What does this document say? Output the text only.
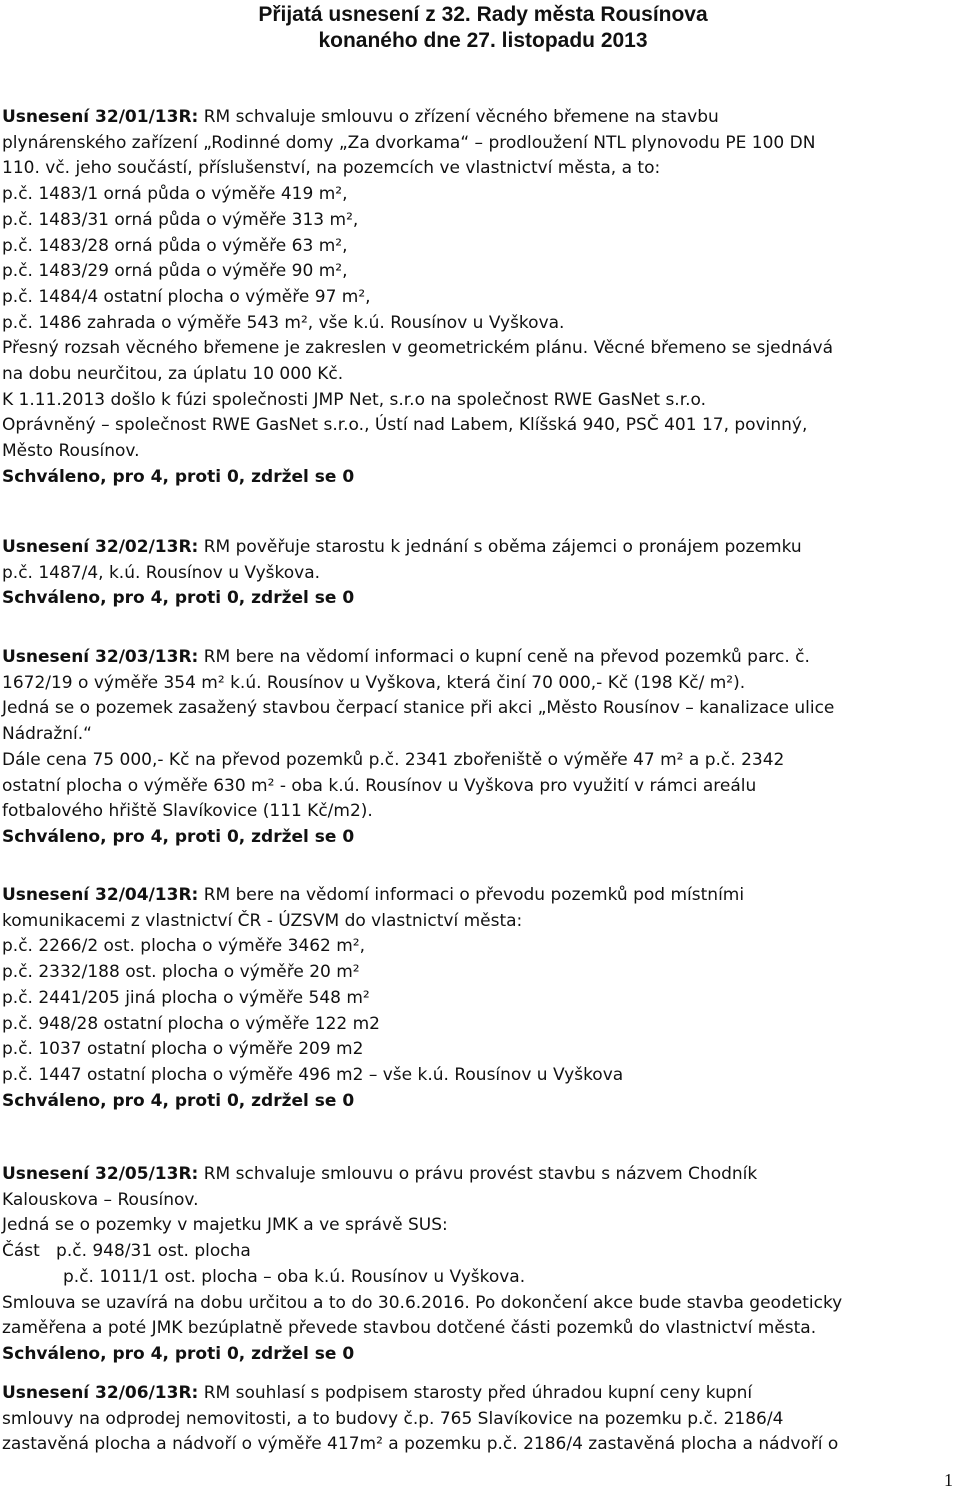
Přijatá usnesení z 32. Rady města Rousínova
konaného dne 27. listopadu 2013
Usnesení 32/01/13R: RM schvaluje smlouvu o zřízení věcného břemene na stavbu
plynárenského zařízení „Rodinné domy „Za dvorkama“ – prodloužení NTL plynovodu PE 100 DN
110. vč. jeho součástí, příslušenství, na pozemcích ve vlastnictví města, a to:
p.č. 1483/1 orná půda o výměře 419 m²,
p.č. 1483/31 orná půda o výměře 313 m²,
p.č. 1483/28 orná půda o výměře 63 m²,
p.č. 1483/29 orná půda o výměře 90 m²,
p.č. 1484/4 ostatní plocha o výměře 97 m²,
p.č. 1486 zahrada o výměře 543 m², vše k.ú. Rousínov u Vyškova.
Přesný rozsah věcného břemene je zakreslen v geometrickém plánu. Věcné břemeno se sjednává
na dobu neurčitou, za úplatu 10 000 Kč.
K 1.11.2013 došlo k fúzi společnosti JMP Net, s.r.o na společnost RWE GasNet s.r.o.
Oprávněný – společnost RWE GasNet s.r.o., Ústí nad Labem, Klíšská 940, PSČ 401 17, povinný,
Město Rousínov.
Schváleno, pro 4, proti 0, zdržel se 0
Usnesení 32/02/13R: RM pověřuje starostu k jednání s oběma zájemci o pronájem pozemku
p.č. 1487/4, k.ú. Rousínov u Vyškova.
Schváleno, pro 4, proti 0, zdržel se 0
Usnesení 32/03/13R: RM bere na vědomí informaci o kupní ceně na převod pozemků parc. č.
1672/19 o výměře 354 m² k.ú. Rousínov u Vyškova, která činí 70 000,- Kč (198 Kč/ m²).
Jedná se o pozemek zasažený stavbou čerpací stanice při akci „Město Rousínov – kanalizace ulice
Nádražní.“
Dále cena 75 000,- Kč na převod pozemků p.č. 2341 zbořeniště o výměře 47 m² a p.č. 2342
ostatní plocha o výměře 630 m² - oba k.ú. Rousínov u Vyškova pro využití v rámci areálu
fotbalového hřiště Slavíkovice (111 Kč/m2).
Schváleno, pro 4, proti 0, zdržel se 0
Usnesení 32/04/13R: RM bere na vědomí informaci o převodu pozemků pod místními
komunikacemi z vlastnictví ČR - ÚZSVM do vlastnictví města:
p.č. 2266/2 ost. plocha o výměře 3462 m²,
p.č. 2332/188 ost. plocha o výměře 20 m²
p.č. 2441/205 jiná plocha o výměře 548 m²
p.č. 948/28 ostatní plocha o výměře 122 m2
p.č. 1037 ostatní plocha o výměře 209 m2
p.č. 1447 ostatní plocha o výměře 496 m2 – vše k.ú. Rousínov u Vyškova
Schváleno, pro 4, proti 0, zdržel se 0
Usnesení 32/05/13R: RM schvaluje smlouvu o právu provést stavbu s názvem Chodník
Kalouskova – Rousínov.
Jedná se o pozemky v majetku JMK a ve správě SUS:
Část   p.č. 948/31 ost. plocha
p.č. 1011/1 ost. plocha – oba k.ú. Rousínov u Vyškova.
Smlouva se uzavírá na dobu určitou a to do 30.6.2016. Po dokončení akce bude stavba geodeticky
zaměřena a poté JMK bezúplatně převede stavbou dotčené části pozemků do vlastnictví města.
Schváleno, pro 4, proti 0, zdržel se 0
Usnesení 32/06/13R: RM souhlasí s podpisem starosty před úhradou kupní ceny kupní
smlouvy na odprodej nemovitosti, a to budovy č.p. 765 Slavíkovice na pozemku p.č. 2186/4
zastavěná plocha a nádvoří o výměře 417m² a pozemku p.č. 2186/4 zastavěná plocha a nádvoří o
1
